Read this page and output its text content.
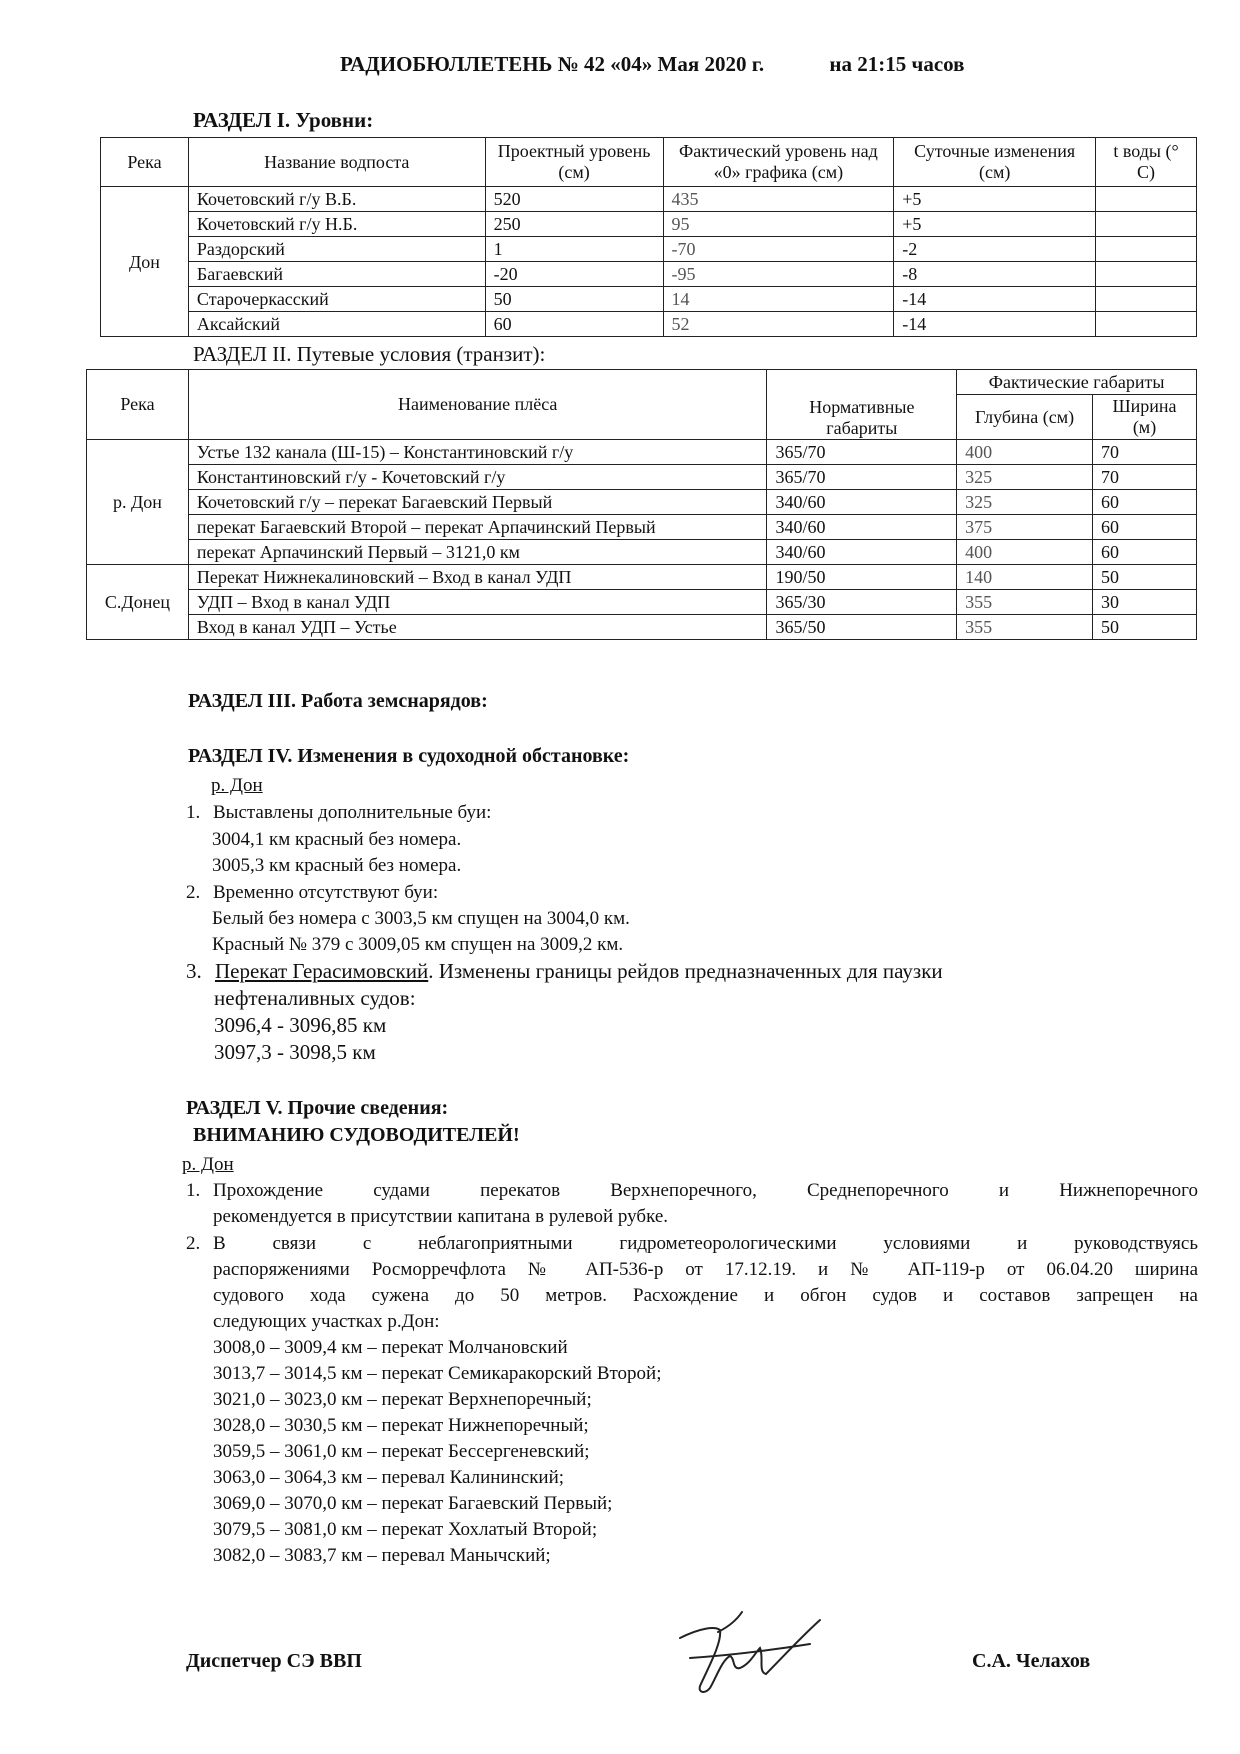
РАДИОБЮЛЛЕТЕНЬ № 42 «04» Мая 2020 г.	на 21:15 часов
РАЗДЕЛ I. Уровни:
Река	Название водпоста	Проектный уровень (см)	Фактический уровень над «0» графика (см)	Суточные изменения (см)	t воды (° C)
Дон	Кочетовский г/у В.Б.	520	435	+5	
	Кочетовский г/у Н.Б.	250	95	+5	
	Раздорский	1	-70	-2	
	Багаевский	-20	-95	-8	
	Старочеркасский	50	14	-14	
	Аксайский	60	52	-14	
РАЗДЕЛ II. Путевые условия (транзит):
Река	Наименование плёса	Нормативные габариты	Фактические габариты	
			Глубина (см)	Ширина (м)
р. Дон	Устье 132 канала (Ш-15) – Константиновский г/у	365/70	400	70
	Константиновский г/у - Кочетовский г/у	365/70	325	70
	Кочетовский г/у – перекат Багаевский Первый	340/60	325	60
	перекат Багаевский Второй – перекат Арпачинский Первый	340/60	375	60
	перекат Арпачинский Первый – 3121,0 км	340/60	400	60
С.Донец	Перекат Нижнекалиновский – Вход в канал УДП	190/50	140	50
	УДП – Вход в канал УДП	365/30	355	30
	Вход в канал УДП – Устье	365/50	355	50
РАЗДЕЛ III. Работа земснарядов:
РАЗДЕЛ IV. Изменения в судоходной обстановке:
р. Дон
1. Выставлены дополнительные буи:
3004,1 км красный без номера.
3005,3 км красный без номера.
2. Временно отсутствуют буи:
Белый без номера с 3003,5 км спущен на 3004,0 км.
Красный № 379 с 3009,05 км спущен на 3009,2 км.
3. Перекат Герасимовский. Изменены границы рейдов предназначенных для паузки
нефтеналивных судов:
3096,4 - 3096,85 км
3097,3 - 3098,5 км
РАЗДЕЛ V. Прочие сведения:
ВНИМАНИЮ СУДОВОДИТЕЛЕЙ!
р. Дон
1. Прохождение судами перекатов Верхнепоречного, Среднепоречного и Нижнепоречного
рекомендуется в присутствии капитана в рулевой рубке.
2. В связи с неблагоприятными гидрометеорологическими условиями и руководствуясь
распоряжениями Росморречфлота № АП-536-р от 17.12.19. и № АП-119-р от 06.04.20 ширина
судового хода сужена до 50 метров. Расхождение и обгон судов и составов запрещен на
следующих участках р.Дон:
3008,0 – 3009,4 км – перекат Молчановский
3013,7 – 3014,5 км – перекат Семикаракорский Второй;
3021,0 – 3023,0 км – перекат Верхнепоречный;
3028,0 – 3030,5 км – перекат Нижнепоречный;
3059,5 – 3061,0 км – перекат Бессергеневский;
3063,0 – 3064,3 км – перевал Калининский;
3069,0 – 3070,0 км – перекат Багаевский Первый;
3079,5 – 3081,0 км – перекат Хохлатый Второй;
3082,0 – 3083,7 км – перевал Манычский;
Диспетчер СЭ ВВП	С.А. Челахов
